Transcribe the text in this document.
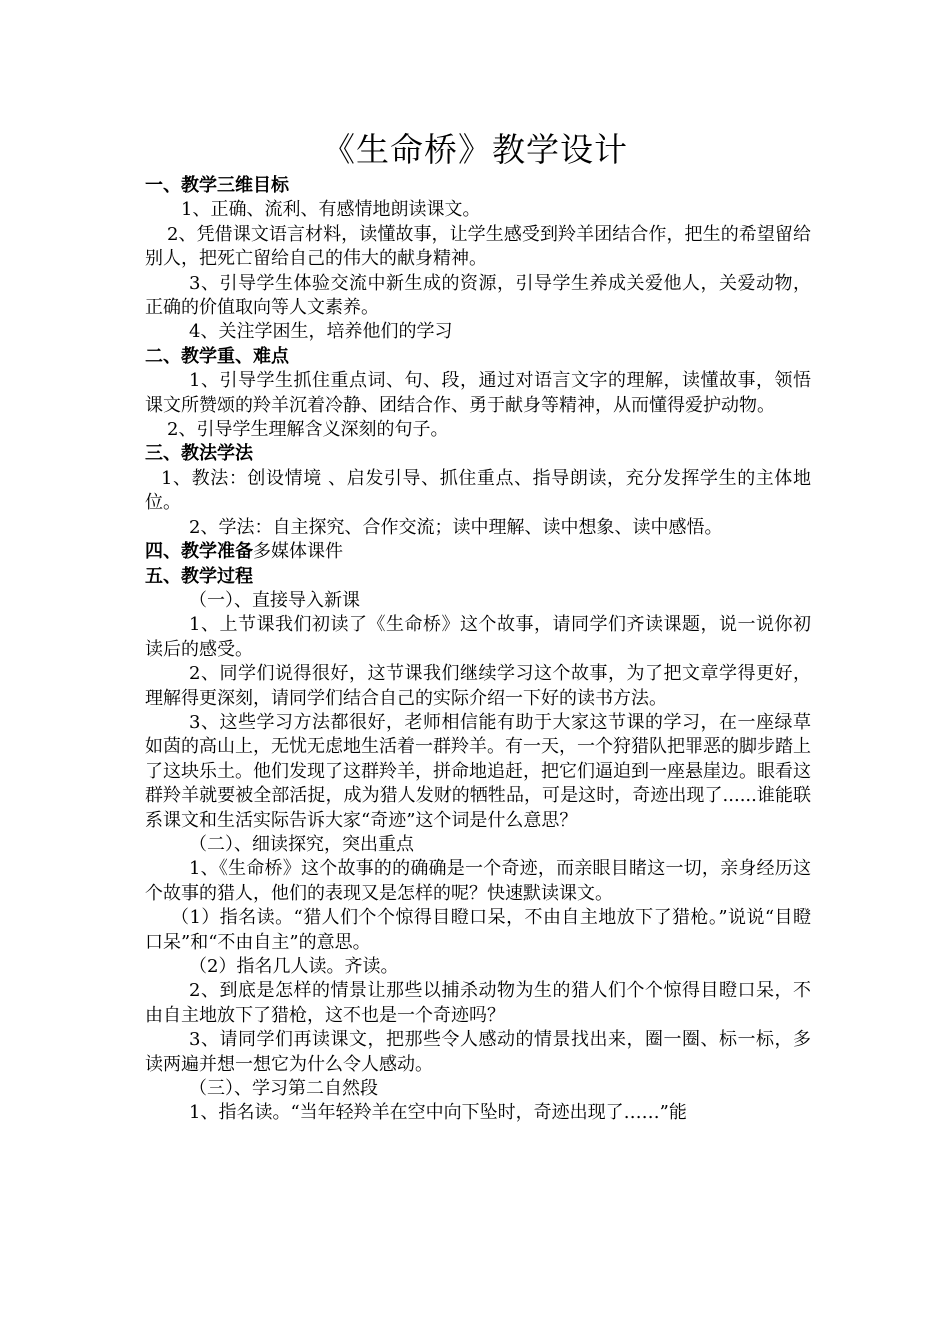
《生命桥》教学设计

一、教学三维目标

1、正确、流利、有感情地朗读课文。

2、凭借课文语言材料，读懂故事，让学生感受到羚羊团结合作，把生的希望留给别人，把死亡留给自己的伟大的献身精神。

3、引导学生体验交流中新生成的资源，引导学生养成关爱他人，关爱动物，正确的价值取向等人文素养。

4、关注学困生，培养他们的学习

二、教学重、难点

1、引导学生抓住重点词、句、段，通过对语言文字的理解，读懂故事，领悟课文所赞颂的羚羊沉着冷静、团结合作、勇于献身等精神，从而懂得爱护动物。

2、引导学生理解含义深刻的句子。

三、教法学法

1、教法：创设情境 、启发引导、抓住重点、指导朗读，充分发挥学生的主体地位。

2、学法：自主探究、合作交流；读中理解、读中想象、读中感悟。

四、教学准备多媒体课件

五、教学过程

（一）、直接导入新课

1、上节课我们初读了《生命桥》这个故事，请同学们齐读课题，说一说你初读后的感受。

2、同学们说得很好，这节课我们继续学习这个故事，为了把文章学得更好，理解得更深刻，请同学们结合自己的实际介绍一下好的读书方法。

3、这些学习方法都很好，老师相信能有助于大家这节课的学习，在一座绿草如茵的高山上，无忧无虑地生活着一群羚羊。有一天，一个狩猎队把罪恶的脚步踏上了这块乐土。他们发现了这群羚羊，拼命地追赶，把它们逼迫到一座悬崖边。眼看这群羚羊就要被全部活捉，成为猎人发财的牺牲品，可是这时，奇迹出现了......谁能联系课文和生活实际告诉大家“奇迹”这个词是什么意思？

（二）、细读探究，突出重点

1、《生命桥》这个故事的的确确是一个奇迹，而亲眼目睹这一切，亲身经历这个故事的猎人，他们的表现又是怎样的呢？快速默读课文。

（1）指名读。“猎人们个个惊得目瞪口呆，不由自主地放下了猎枪。”说说“目瞪口呆”和“不由自主”的意思。

（2）指名几人读。齐读。

2、到底是怎样的情景让那些以捕杀动物为生的猎人们个个惊得目瞪口呆，不由自主地放下了猎枪，这不也是一个奇迹吗？

3、请同学们再读课文，把那些令人感动的情景找出来，圈一圈、标一标，多读两遍并想一想它为什么令人感动。

（三）、学习第二自然段

1、指名读。“当年轻羚羊在空中向下坠时，奇迹出现了……”能
